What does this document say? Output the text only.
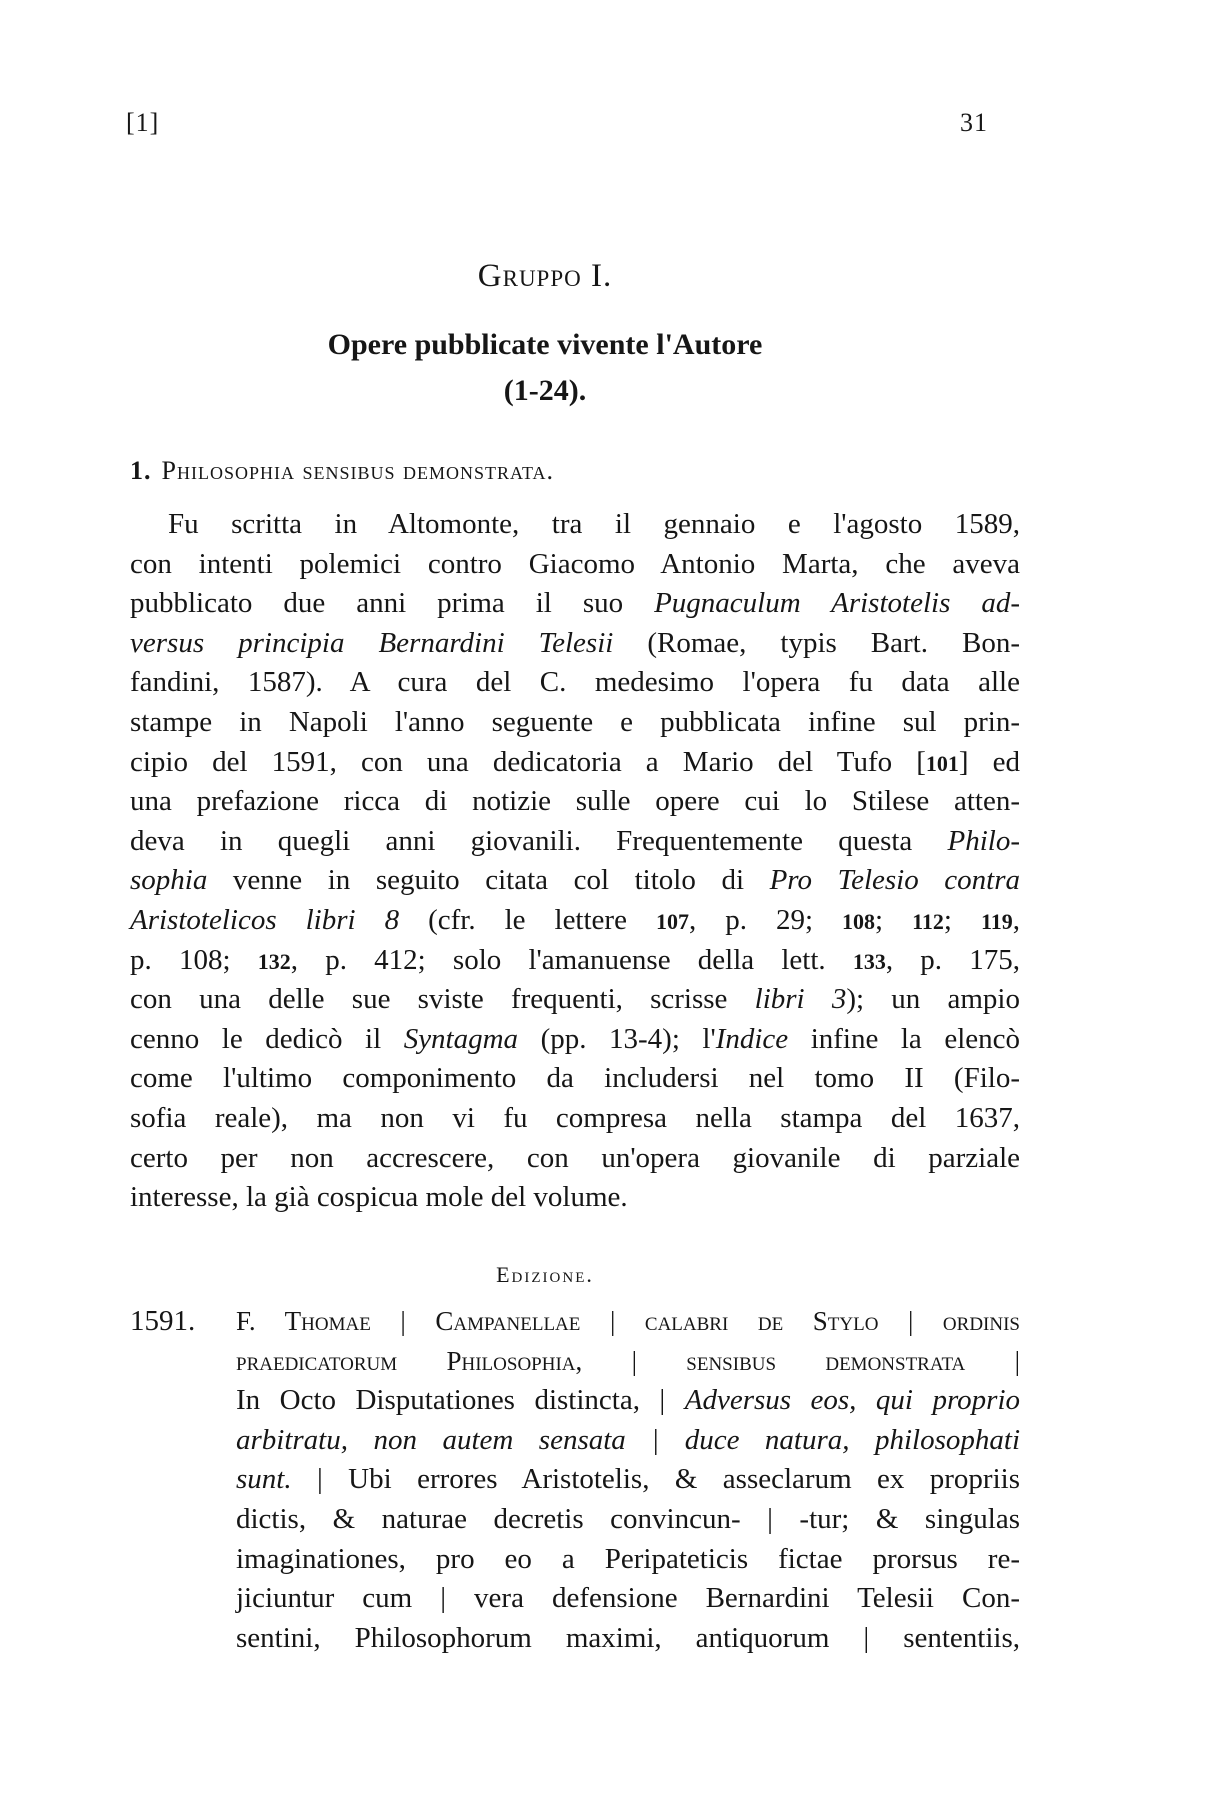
[1]	31
Gruppo I.
Opere pubblicate vivente l'Autore
(1-24).
1. Philosophia sensibus demonstrata.
Fu scritta in Altomonte, tra il gennaio e l'agosto 1589,
con intenti polemici contro Giacomo Antonio Marta, che aveva
pubblicato due anni prima il suo Pugnaculum Aristotelis ad-
versus principia Bernardini Telesii (Romae, typis Bart. Bon-
fandini, 1587). A cura del C. medesimo l'opera fu data alle
stampe in Napoli l'anno seguente e pubblicata infine sul prin-
cipio del 1591, con una dedicatoria a Mario del Tufo [101] ed
una prefazione ricca di notizie sulle opere cui lo Stilese atten-
deva in quegli anni giovanili. Frequentemente questa Philo-
sophia venne in seguito citata col titolo di Pro Telesio contra
Aristotelicos libri 8 (cfr. le lettere 107, p. 29; 108; 112; 119,
p. 108; 132, p. 412; solo l'amanuense della lett. 133, p. 175,
con una delle sue sviste frequenti, scrisse libri 3); un ampio
cenno le dedicò il Syntagma (pp. 13-4); l'Indice infine la elencò
come l'ultimo componimento da includersi nel tomo II (Filo-
sofia reale), ma non vi fu compresa nella stampa del 1637,
certo per non accrescere, con un'opera giovanile di parziale
interesse, la già cospicua mole del volume.
Edizione.
1591. F. Thomae | Campanellae | calabri de Stylo | ordinis
praedicatorum Philosophia, | sensibus demonstrata |
In Octo Disputationes distincta, | Adversus eos, qui proprio
arbitratu, non autem sensata | duce natura, philosophati
sunt. | Ubi errores Aristotelis, & asseclarum ex propriis
dictis, & naturae decretis convincun- | -tur; & singulas
imaginationes, pro eo a Peripateticis fictae prorsus re-
jiciuntur cum | vera defensione Bernardini Telesii Con-
sentini, Philosophorum maximi, antiquorum | sententiis,
